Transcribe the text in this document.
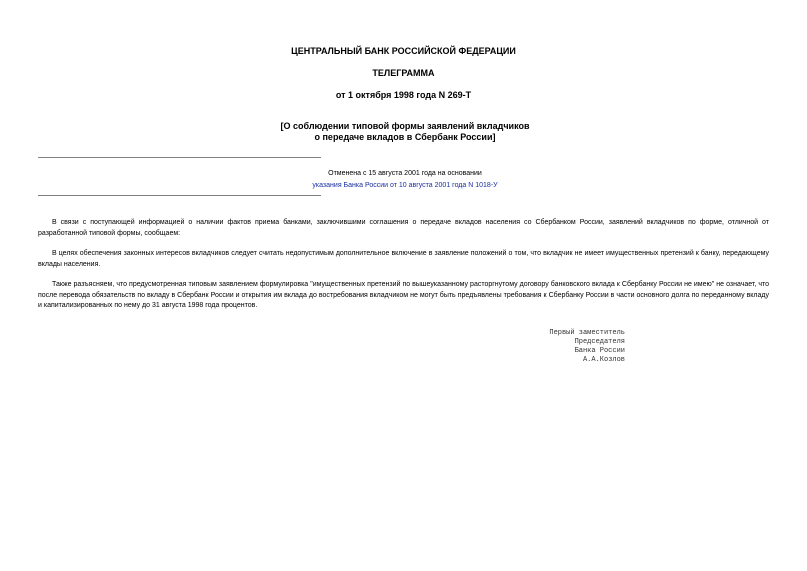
ЦЕНТРАЛЬНЫЙ БАНК РОССИЙСКОЙ ФЕДЕРАЦИИ
ТЕЛЕГРАММА
от 1 октября 1998 года N 269-Т
[О соблюдении типовой формы заявлений вкладчиков
о передаче вкладов в Сбербанк России]
Отменена с 15 августа 2001 года на основании
указания Банка России от 10 августа 2001 года N 1018-У
В связи с поступающей информацией о наличии фактов приема банками, заключившими соглашения о передаче вкладов населения со Сбербанком России, заявлений вкладчиков по форме, отличной от разработанной типовой формы, сообщаем:
В целях обеспечения законных интересов вкладчиков следует считать недопустимым дополнительное включение в заявление положений о том, что вкладчик не имеет имущественных претензий к банку, передающему вклады населения.
Также разъясняем, что предусмотренная типовым заявлением формулировка "имущественных претензий по вышеуказанному расторгнутому договору банковского вклада к Сбербанку России не имею" не означает, что после перевода обязательств по вкладу в Сбербанк России и открытия им вклада до востребования вкладчиком не могут быть предъявлены требования к Сбербанку России в части основного долга по переданному вкладу и капитализированных по нему до 31 августа 1998 года процентов.
Первый заместитель
Председателя
Банка России
А.А.Козлов
